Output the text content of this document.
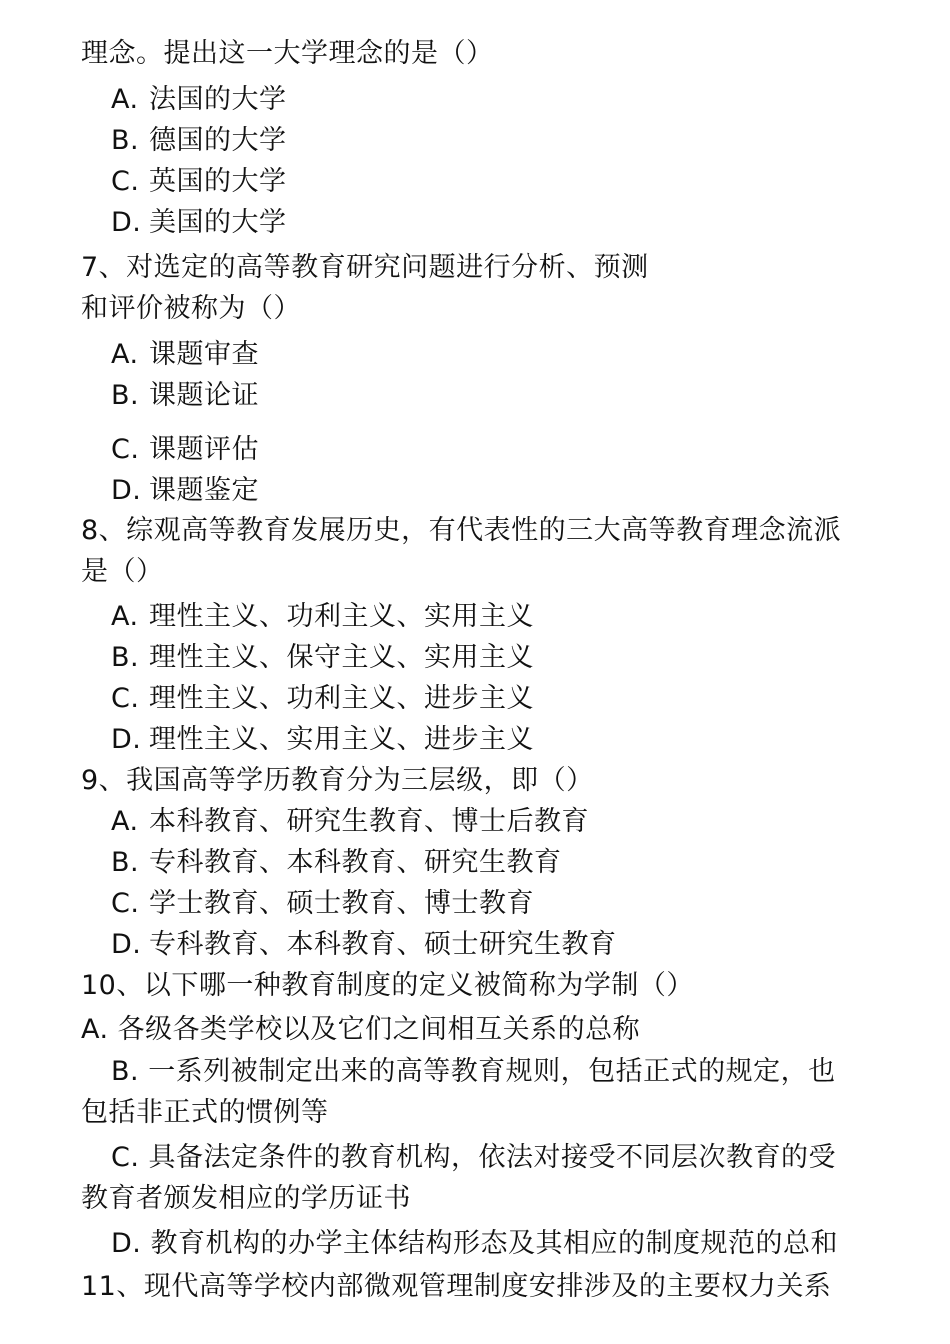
理念。提出这一大学理念的是（）
A. 法国的大学
B. 德国的大学
C. 英国的大学
D. 美国的大学
7、对选定的高等教育研究问题进行分析、预测
和评价被称为（）
A. 课题审查
B. 课题论证
C. 课题评估
D. 课题鉴定
8、综观高等教育发展历史，有代表性的三大高等教育理念流派
是（）
A. 理性主义、功利主义、实用主义
B. 理性主义、保守主义、实用主义
C. 理性主义、功利主义、进步主义
D. 理性主义、实用主义、进步主义
9、我国高等学历教育分为三层级，即（）
A. 本科教育、研究生教育、博士后教育
B. 专科教育、本科教育、研究生教育
C. 学士教育、硕士教育、博士教育
D. 专科教育、本科教育、硕士研究生教育
10、以下哪一种教育制度的定义被简称为学制（）
A. 各级各类学校以及它们之间相互关系的总称
B. 一系列被制定出来的高等教育规则，包括正式的规定，也
包括非正式的惯例等
C. 具备法定条件的教育机构，依法对接受不同层次教育的受
教育者颁发相应的学历证书
D. 教育机构的办学主体结构形态及其相应的制度规范的总和
11、现代高等学校内部微观管理制度安排涉及的主要权力关系
